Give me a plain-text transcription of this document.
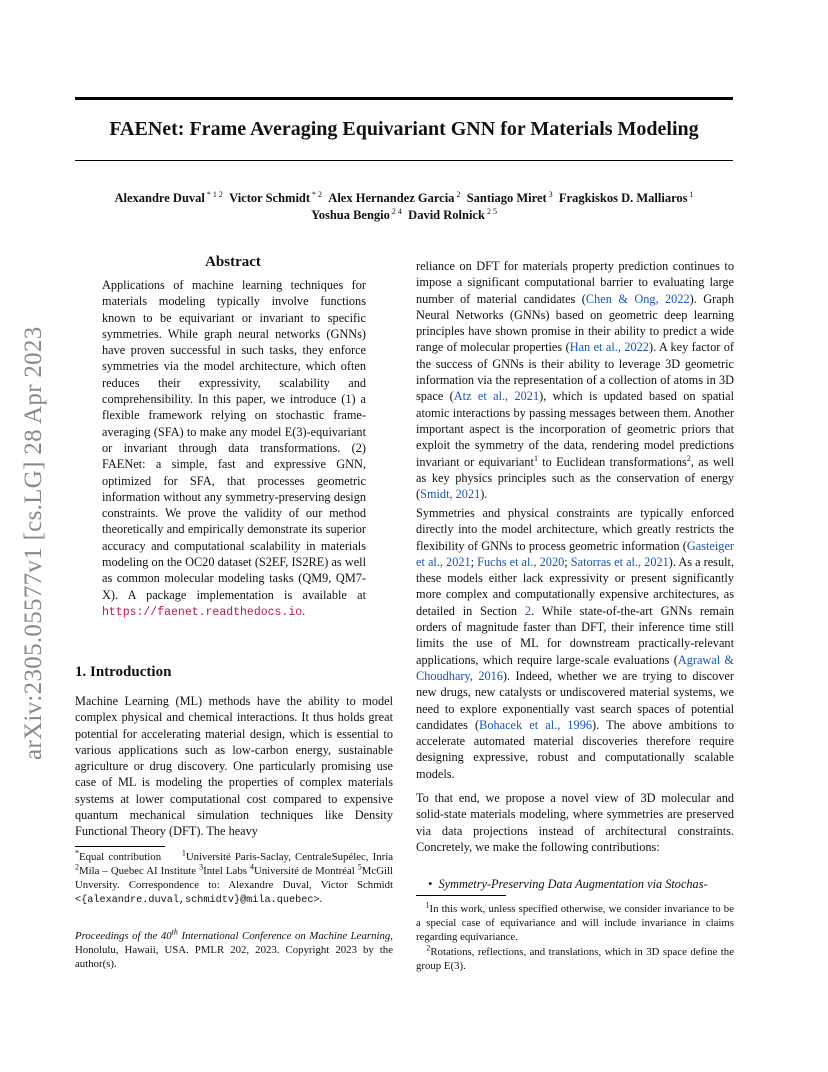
FAENet: Frame Averaging Equivariant GNN for Materials Modeling
Alexandre Duval $^{* 1 2}$ Victor Schmidt $^{* 2}$ Alex Hernandez Garcia $^2$ Santiago Miret $^3$ Fragkiskos D. Malliaros $^1$
Yoshua Bengio $^{2 4}$ David Rolnick $^{2 5}$
arXiv:2305.05577v1 [cs.LG] 28 Apr 2023
Abstract
Applications of machine learning techniques for materials modeling typically involve functions known to be equivariant or invariant to specific symmetries. While graph neural networks (GNNs) have proven successful in such tasks, they enforce symmetries via the model architecture, which often reduces their expressivity, scalability and comprehensibility. In this paper, we introduce (1) a flexible framework relying on stochastic frame-averaging (SFA) to make any model E(3)-equivariant or invariant through data transformations. (2) FAENet: a simple, fast and expressive GNN, optimized for SFA, that processes geometric information without any symmetry-preserving design constraints. We prove the validity of our method theoretically and empirically demonstrate its superior accuracy and computational scalability in materials modeling on the OC20 dataset (S2EF, IS2RE) as well as common molecular modeling tasks (QM9, QM7-X). A package implementation is available at https://faenet.readthedocs.io.
1. Introduction
Machine Learning (ML) methods have the ability to model complex physical and chemical interactions. It thus holds great potential for accelerating material design, which is essential to various applications such as low-carbon energy, sustainable agriculture or drug discovery. One particularly promising use case of ML is modeling the properties of complex materials systems at lower computational cost compared to expensive quantum mechanical simulation techniques like Density Functional Theory (DFT). The heavy
reliance on DFT for materials property prediction continues to impose a significant computational barrier to evaluating large number of material candidates (Chen & Ong, 2022). Graph Neural Networks (GNNs) based on geometric deep learning principles have shown promise in their ability to predict a wide range of molecular properties (Han et al., 2022). A key factor of the success of GNNs is their ability to leverage 3D geometric information via the representation of a collection of atoms in 3D space (Atz et al., 2021), which is updated based on spatial atomic interactions by passing messages between them. Another important aspect is the incorporation of geometric priors that exploit the symmetry of the data, rendering model predictions invariant or equivariant$^1$ to Euclidean transformations$^2$, as well as key physics principles such as the conservation of energy (Smidt, 2021).
Symmetries and physical constraints are typically enforced directly into the model architecture, which greatly restricts the flexibility of GNNs to process geometric information (Gasteiger et al., 2021; Fuchs et al., 2020; Satorras et al., 2021). As a result, these models either lack expressivity or present significantly more complex and computationally expensive architectures, as detailed in Section 2. While state-of-the-art GNNs remain orders of magnitude faster than DFT, their inference time still limits the use of ML for downstream practically-relevant applications, which require large-scale evaluations (Agrawal & Choudhary, 2016). Indeed, whether we are trying to discover new drugs, new catalysts or undiscovered material systems, we need to explore exponentially vast search spaces of potential candidates (Bohacek et al., 1996). The above ambitions to accelerate automated material discoveries therefore require designing expressive, robust and computationally scalable models.
To that end, we propose a novel view of 3D molecular and solid-state materials modeling, where symmetries are preserved via data projections instead of architectural constraints. Concretely, we make the following contributions:
•  Symmetry-Preserving Data Augmentation via Stochas-
*Equal contribution	$^1$Université Paris-Saclay, CentraleSupélec, Inria $^2$Mila – Quebec AI Institute $^3$Intel Labs $^4$Université de Montréal $^5$McGill Unversity. Correspondence to: Alexandre Duval, Victor Schmidt <{alexandre.duval,schmidtv}@mila.quebec>.
Proceedings of the 40th International Conference on Machine Learning, Honolulu, Hawaii, USA. PMLR 202, 2023. Copyright 2023 by the author(s).
$^1$In this work, unless specified otherwise, we consider invariance to be a special case of equivariance and will include invariance in claims regarding equivariance.
$^2$Rotations, reflections, and translations, which in 3D space define the group E(3).
